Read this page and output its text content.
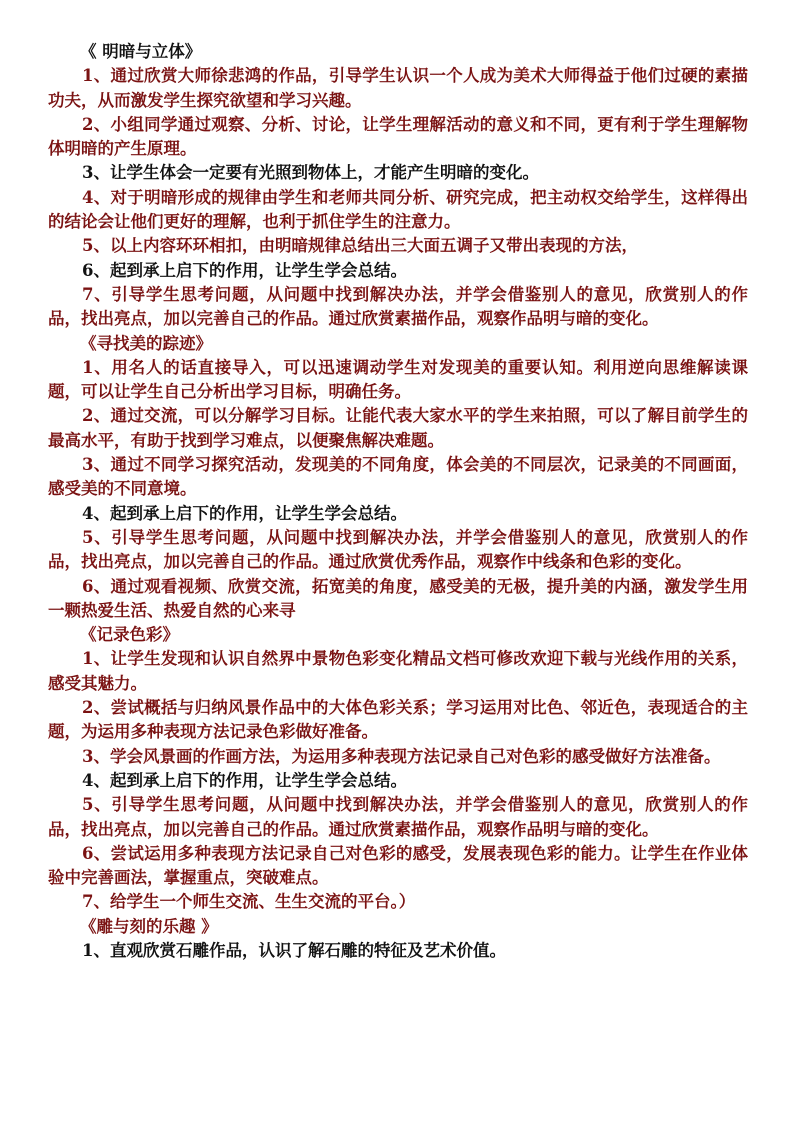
《 明暗与立体》

1、通过欣赏大师徐悲鸿的作品，引导学生认识一个人成为美术大师得益于他们过硬的素描功夫，从而激发学生探究欲望和学习兴趣。

2、小组同学通过观察、分析、讨论，让学生理解活动的意义和不同，更有利于学生理解物体明暗的产生原理。

3、让学生体会一定要有光照到物体上，才能产生明暗的变化。

4、对于明暗形成的规律由学生和老师共同分析、研究完成，把主动权交给学生，这样得出的结论会让他们更好的理解，也利于抓住学生的注意力。

5、以上内容环环相扣，由明暗规律总结出三大面五调子又带出表现的方法，

6、起到承上启下的作用，让学生学会总结。

7、引导学生思考问题，从问题中找到解决办法，并学会借鉴别人的意见，欣赏别人的作品，找出亮点，加以完善自己的作品。通过欣赏素描作品，观察作品明与暗的变化。

《寻找美的踪迹》

1、用名人的话直接导入，可以迅速调动学生对发现美的重要认知。利用逆向思维解读课题，可以让学生自己分析出学习目标，明确任务。

2、通过交流，可以分解学习目标。让能代表大家水平的学生来拍照，可以了解目前学生的最高水平，有助于找到学习难点，以便聚焦解决难题。

3、通过不同学习探究活动，发现美的不同角度，体会美的不同层次，记录美的不同画面，感受美的不同意境。

4、起到承上启下的作用，让学生学会总结。

5、引导学生思考问题，从问题中找到解决办法，并学会借鉴别人的意见，欣赏别人的作品，找出亮点，加以完善自己的作品。通过欣赏优秀作品，观察作中线条和色彩的变化。

6、通过观看视频、欣赏交流，拓宽美的角度，感受美的无极，提升美的内涵，激发学生用一颗热爱生活、热爱自然的心来寻

《记录色彩》

1、让学生发现和认识自然界中景物色彩变化精品文档可修改欢迎下载与光线作用的关系，感受其魅力。

2、尝试概括与归纳风景作品中的大体色彩关系；学习运用对比色、邻近色，表现适合的主题，为运用多种表现方法记录色彩做好准备。

3、学会风景画的作画方法，为运用多种表现方法记录自己对色彩的感受做好方法准备。

4、起到承上启下的作用，让学生学会总结。

5、引导学生思考问题，从问题中找到解决办法，并学会借鉴别人的意见，欣赏别人的作品，找出亮点，加以完善自己的作品。通过欣赏素描作品，观察作品明与暗的变化。

6、尝试运用多种表现方法记录自己对色彩的感受，发展表现色彩的能力。让学生在作业体验中完善画法，掌握重点，突破难点。

7、给学生一个师生交流、生生交流的平台。）

《雕与刻的乐趣 》

1、直观欣赏石雕作品，认识了解石雕的特征及艺术价值。
